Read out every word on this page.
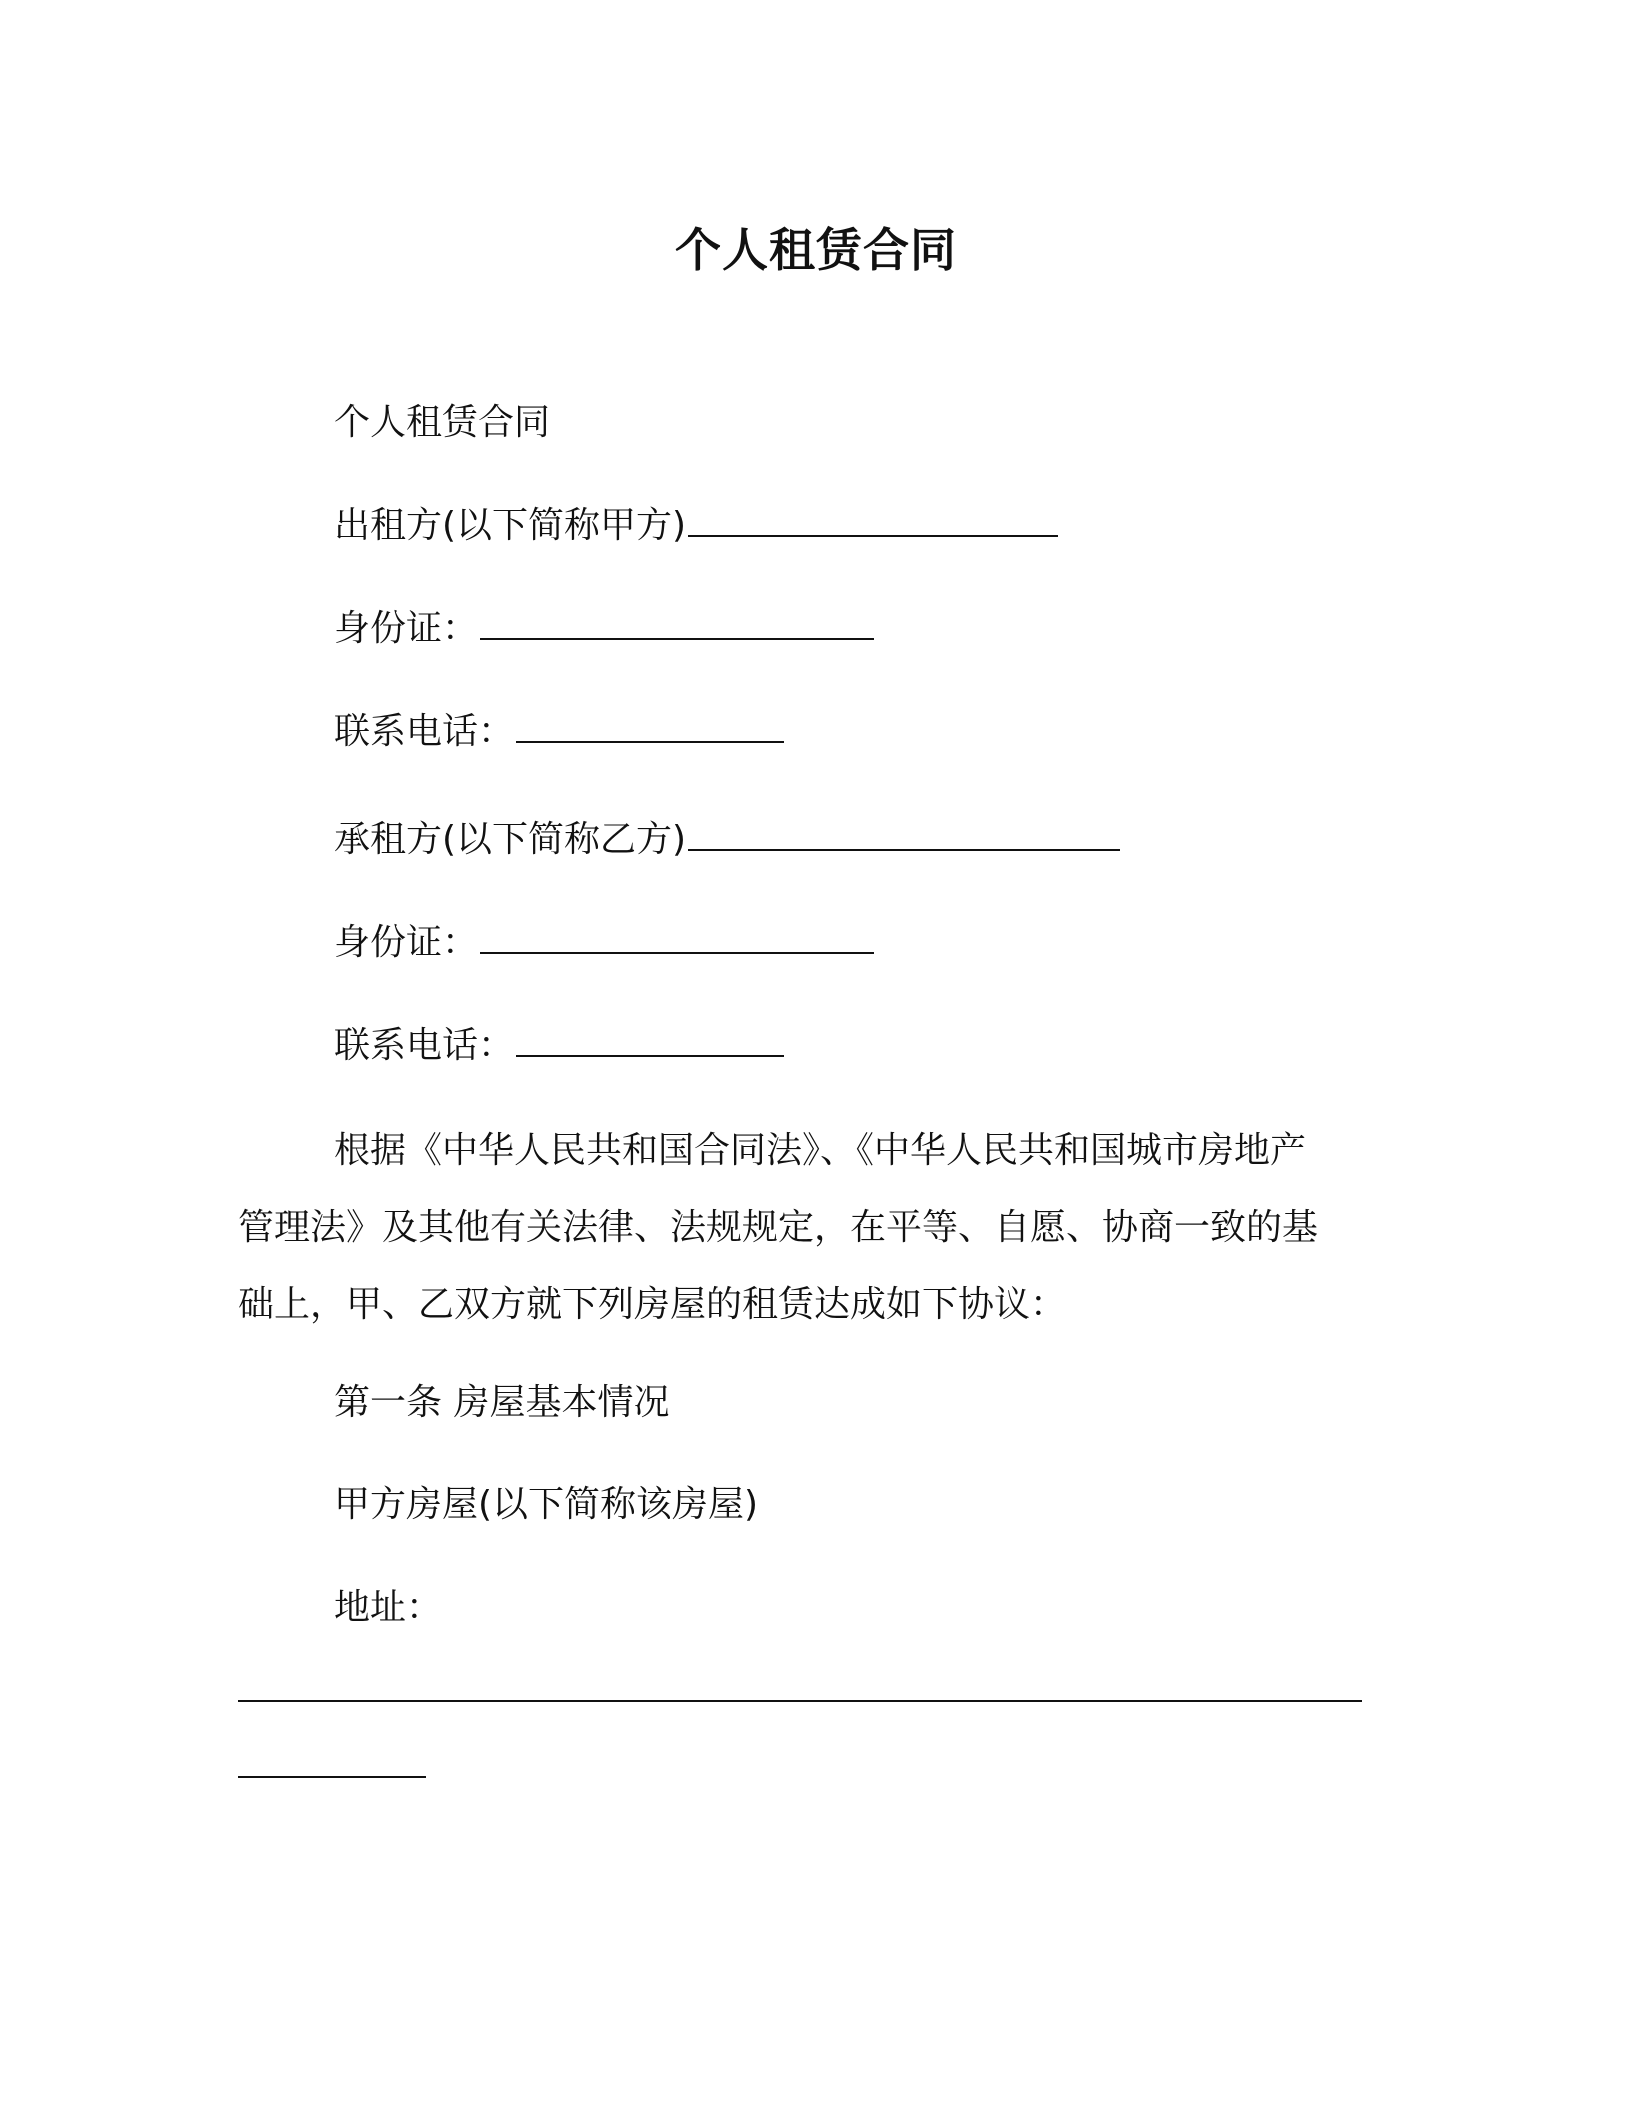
个人租赁合同
个人租赁合同
出租方(以下简称甲方)
身份证：
联系电话：
承租方(以下简称乙方)
身份证：
联系电话：
根据《中华人民共和国合同法》、《中华人民共和国城市房地产
管理法》及其他有关法律、法规规定，在平等、自愿、协商一致的基
础上，甲、乙双方就下列房屋的租赁达成如下协议：
第一条 房屋基本情况
甲方房屋(以下简称该房屋)
地址：
